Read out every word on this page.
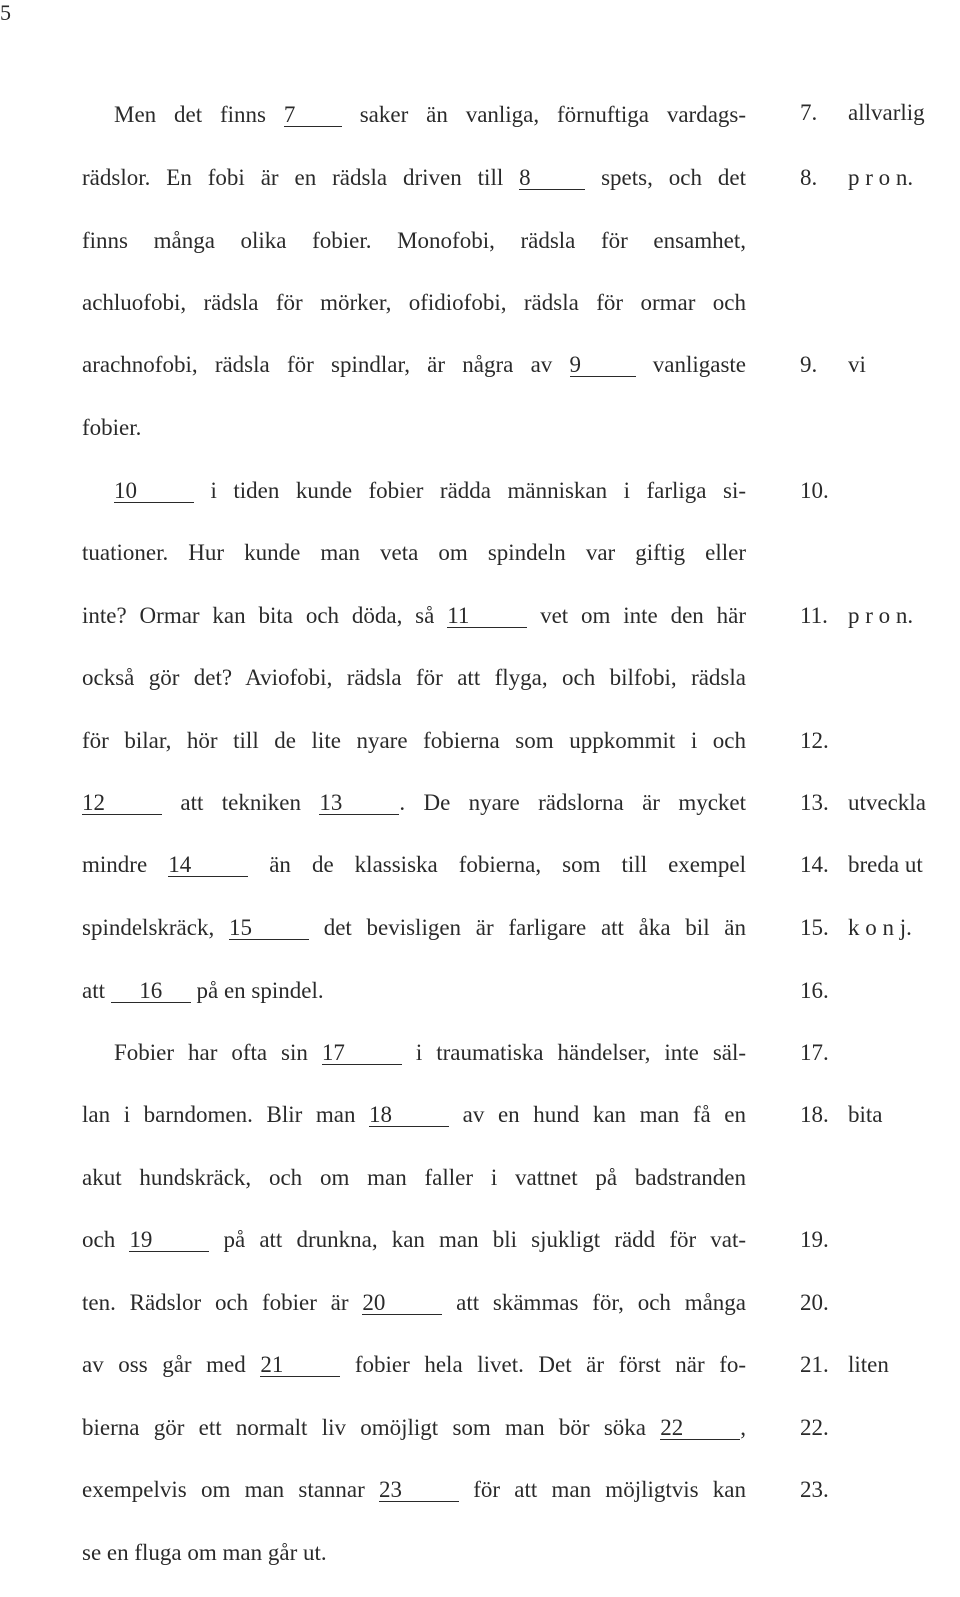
5
Men det finns 7	saker än vanliga, förnuftiga vardags-
rädslor. En fobi är en rädsla driven till 8	spets, och det
finns många olika fobier. Monofobi, rädsla för ensamhet,
achluofobi, rädsla för mörker, ofidiofobi, rädsla för ormar och
arachnofobi, rädsla för spindlar, är några av 9	vanligaste
fobier.
10	i tiden kunde fobier rädda människan i farliga si-
tuationer. Hur kunde man veta om spindeln var giftig eller
inte? Ormar kan bita och döda, så 11	vet om inte den här
också gör det? Aviofobi, rädsla för att flyga, och bilfobi, rädsla
för bilar, hör till de lite nyare fobierna som uppkommit i och
12	att tekniken 13 . De nyare rädslorna är mycket
mindre 14	än de klassiska fobierna, som till exempel
spindelskräck, 15	det bevisligen är farligare att åka bil än
att 16 på en spindel.
Fobier har ofta sin 17	i traumatiska händelser, inte säl-
lan i barndomen. Blir man 18	av en hund kan man få en
akut hundskräck, och om man faller i vattnet på badstranden
och 19	på att drunkna, kan man bli sjukligt rädd för vat-
ten. Rädslor och fobier är 20	att skämmas för, och många
av oss går med 21	fobier hela livet. Det är först när fo-
bierna gör ett normalt liv omöjligt som man bör söka 22 ,
exempelvis om man stannar 23	för att man möjligtvis kan
se en fluga om man går ut.
7. allvarlig
8. p r o n.
9. vi
10.
11. p r o n.
12.
13. utveckla
14. breda ut
15. k o n j.
16.
17.
18. bita
19.
20.
21. liten
22.
23.
